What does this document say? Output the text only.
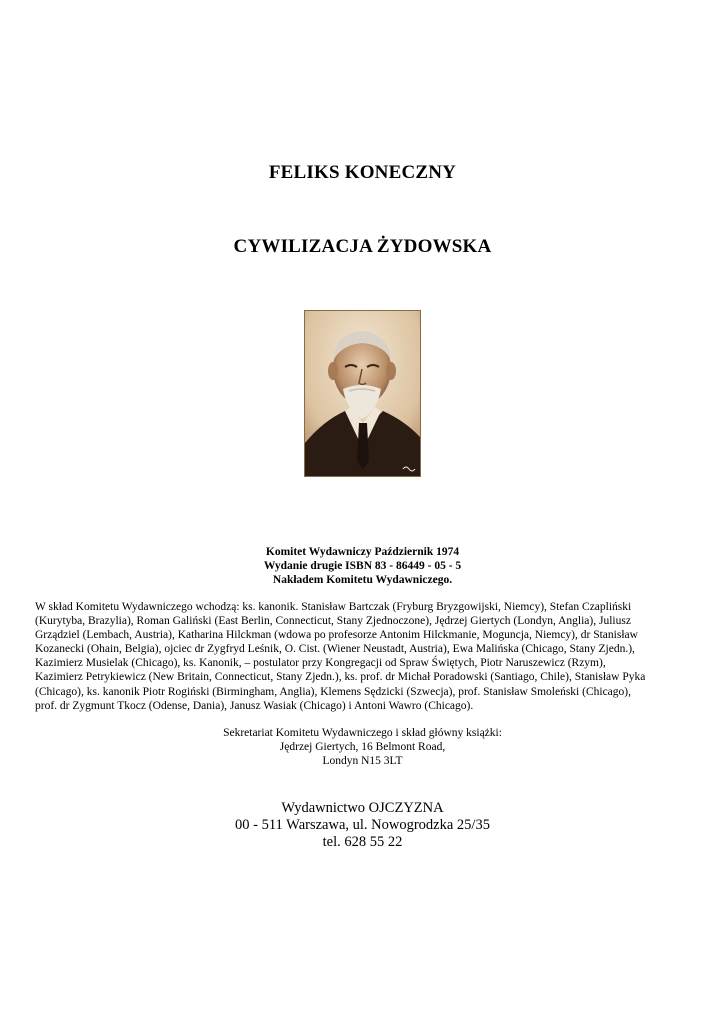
FELIKS KONECZNY
CYWILIZACJA ŻYDOWSKA
Komitet Wydawniczy Październik 1974
Wydanie drugie ISBN 83 - 86449 - 05 - 5
Nakładem Komitetu Wydawniczego.
W skład Komitetu Wydawniczego wchodzą: ks. kanonik. Stanisław Bartczak (Fryburg Bryzgowijski, Niemcy), Stefan Czapliński
(Kurytyba, Brazylia), Roman Galiński (East Berlin, Connecticut, Stany Zjednoczone), Jędrzej Giertych (Londyn, Anglia), Juliusz
Grządziel (Lembach, Austria), Katharina Hilckman (wdowa po profesorze Antonim Hilckmanie, Moguncja, Niemcy), dr Stanisław
Kozanecki (Ohain, Belgia), ojciec dr Zygfryd Leśnik, O. Cist. (Wiener Neustadt, Austria), Ewa Malińska (Chicago, Stany Zjedn.),
Kazimierz Musielak (Chicago), ks. Kanonik, – postulator przy Kongregacji od Spraw Świętych, Piotr Naruszewicz (Rzym),
Kazimierz Petrykiewicz (New Britain, Connecticut, Stany Zjedn.), ks. prof. dr Michał Poradowski (Santiago, Chile), Stanisław Pyka
(Chicago), ks. kanonik Piotr Rogiński (Birmingham, Anglia), Klemens Sędzicki (Szwecja), prof. Stanisław Smoleński (Chicago),
prof. dr Zygmunt Tkocz (Odense, Dania), Janusz Wasiak (Chicago) i Antoni Wawro (Chicago).
Sekretariat Komitetu Wydawniczego i skład główny książki:
Jędrzej Giertych, 16 Belmont Road,
Londyn N15 3LT
Wydawnictwo OJCZYZNA
00 - 511 Warszawa, ul. Nowogrodzka 25/35
tel. 628 55 22
